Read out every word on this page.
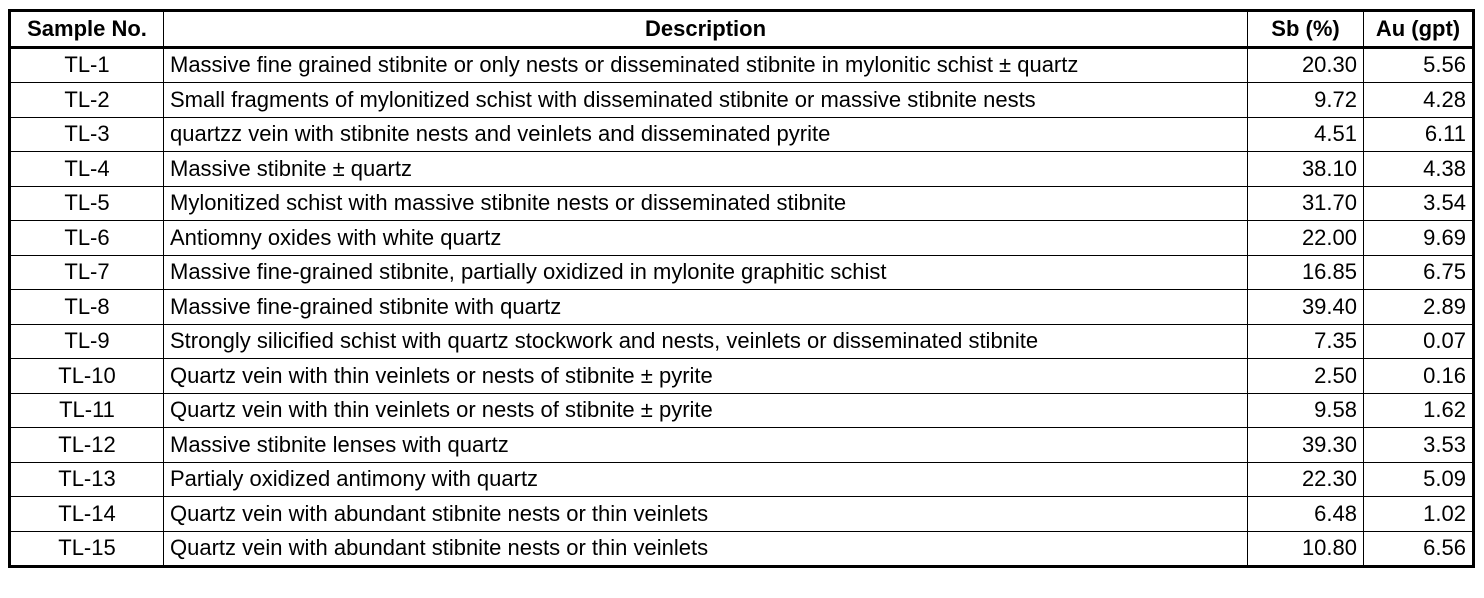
Sample No.	Description	Sb (%)	Au (gpt)
TL-1	Massive fine grained stibnite or only nests or disseminated stibnite in mylonitic schist ± quartz	20.30	5.56
TL-2	Small fragments of mylonitized schist with disseminated stibnite or massive stibnite nests	9.72	4.28
TL-3	quartzz vein with stibnite nests and veinlets and disseminated pyrite	4.51	6.11
TL-4	Massive stibnite ± quartz	38.10	4.38
TL-5	Mylonitized schist with massive stibnite nests or disseminated stibnite	31.70	3.54
TL-6	Antiomny oxides with white quartz	22.00	9.69
TL-7	Massive fine-grained stibnite, partially oxidized in mylonite graphitic schist	16.85	6.75
TL-8	Massive fine-grained stibnite with quartz	39.40	2.89
TL-9	Strongly silicified schist with quartz stockwork and nests, veinlets or disseminated stibnite	7.35	0.07
TL-10	Quartz vein with thin veinlets or nests of stibnite ± pyrite	2.50	0.16
TL-11	Quartz vein with thin veinlets or nests of stibnite ± pyrite	9.58	1.62
TL-12	Massive stibnite lenses with quartz	39.30	3.53
TL-13	Partialy oxidized antimony with quartz	22.30	5.09
TL-14	Quartz vein with abundant stibnite nests or thin veinlets	6.48	1.02
TL-15	Quartz vein with abundant stibnite nests or thin veinlets	10.80	6.56
